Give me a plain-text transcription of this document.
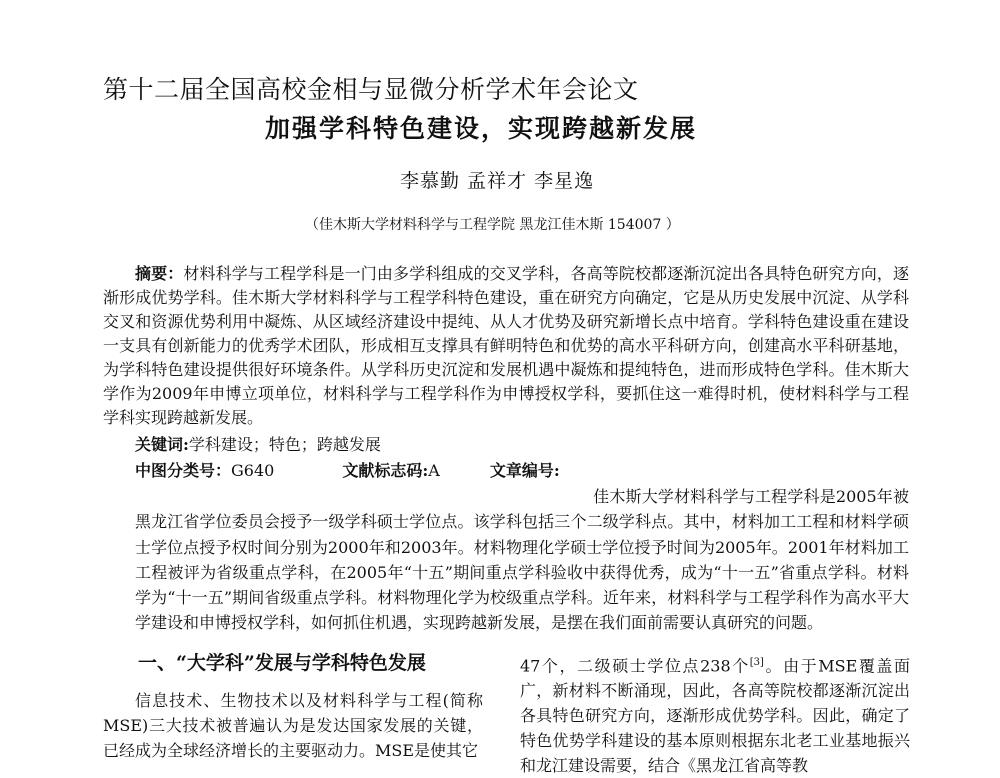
第十二届全国高校金相与显微分析学术年会论文
加强学科特色建设，实现跨越新发展
李慕勤 孟祥才 李星逸
（佳木斯大学材料科学与工程学院 黑龙江佳木斯 154007 ）

摘要：材料科学与工程学科是一门由多学科组成的交叉学科，各高等院校都逐渐沉淀出各具特色研究方向，逐渐形成优势学科。佳木斯大学材料科学与工程学科特色建设，重在研究方向确定，它是从历史发展中沉淀、从学科交叉和资源优势利用中凝炼、从区域经济建设中提纯、从人才优势及研究新增长点中培育。学科特色建设重在建设一支具有创新能力的优秀学术团队，形成相互支撑具有鲜明特色和优势的高水平科研方向，创建高水平科研基地，为学科特色建设提供很好环境条件。从学科历史沉淀和发展机遇中凝炼和提纯特色，进而形成特色学科。佳木斯大学作为2009年申博立项单位，材料科学与工程学科作为申博授权学科，要抓住这一难得时机，使材料科学与工程学科实现跨越新发展。

关键词:学科建设；特色；跨越发展
中图分类号：G640	文献标志码:A	文章编号:
佳木斯大学材料科学与工程学科是2005年被黑龙江省学位委员会授予一级学科硕士学位点。该学科包括三个二级学科点。其中，材料加工工程和材料学硕士学位点授予权时间分别为2000年和2003年。材料物理化学硕士学位授予时间为2005年。2001年材料加工工程被评为省级重点学科，在2005年“十五”期间重点学科验收中获得优秀，成为“十一五”省重点学科。材料学为“十一五”期间省级重点学科。材料物理化学为校级重点学科。近年来，材料科学与工程学科作为高水平大学建设和申博授权学科，如何抓住机遇，实现跨越新发展，是摆在我们面前需要认真研究的问题。
一、“大学科”发展与学科特色发展
信息技术、生物技术以及材料科学与工程(简称MSE)三大技术被普遍认为是发达国家发展的关键，已经成为全球经济增长的主要驱动力。MSE是使其它
47个，二级硕士学位点238个[3]。由于MSE覆盖面广，新材料不断涌现，因此，各高等院校都逐渐沉淀出各具特色研究方向，逐渐形成优势学科。因此，确定了特色优势学科建设的基本原则根据东北老工业基地振兴和龙江建设需要，结合《黑龙江省高等教
